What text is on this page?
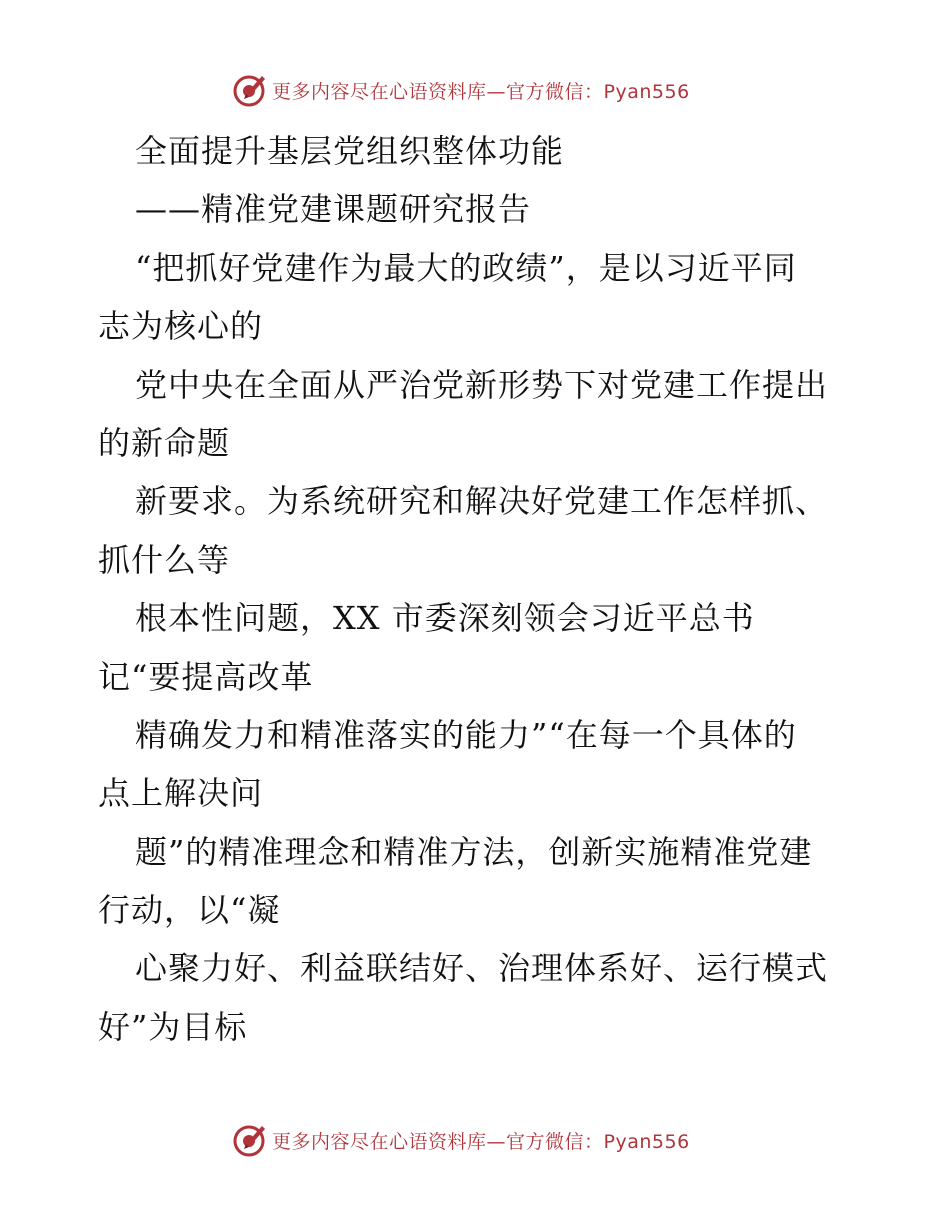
更多内容尽在心语资料库—官方微信：Pyan556
全面提升基层党组织整体功能
——精准党建课题研究报告
“把抓好党建作为最大的政绩”，是以习近平同
志为核心的
党中央在全面从严治党新形势下对党建工作提出
的新命题
新要求。为系统研究和解决好党建工作怎样抓、
抓什么等
根本性问题，XX 市委深刻领会习近平总书
记“要提高改革
精确发力和精准落实的能力”“在每一个具体的
点上解决问
题”的精准理念和精准方法，创新实施精准党建
行动，以“凝
心聚力好、利益联结好、治理体系好、运行模式
好”为目标
更多内容尽在心语资料库—官方微信：Pyan556
